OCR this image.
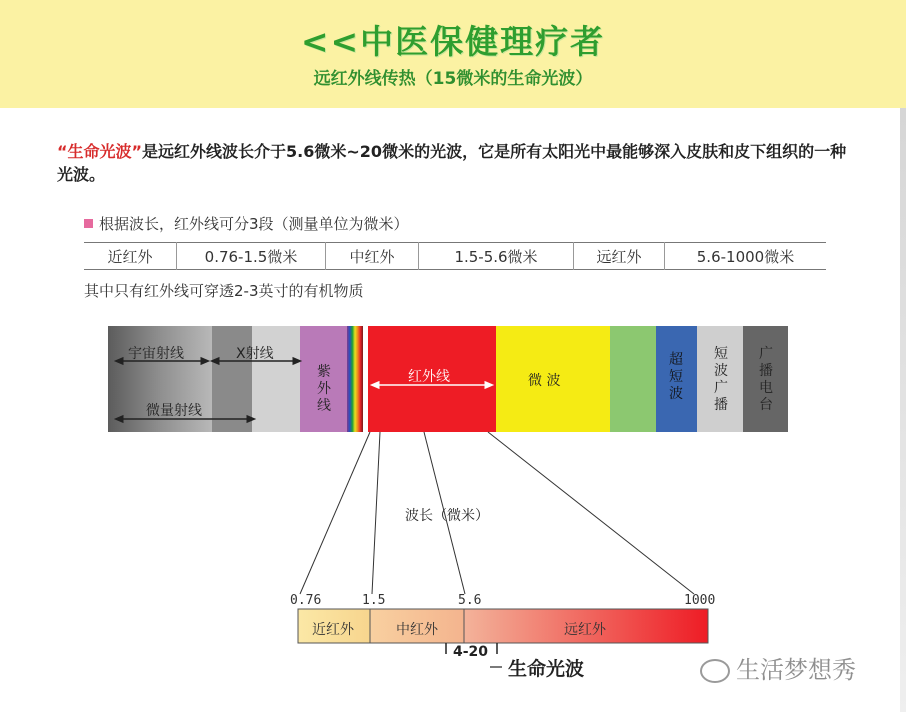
<<中医保健理疗者
远红外线传热（15微米的生命光波）
“生命光波”是远红外线波长介于5.6微米~20微米的光波，它是所有太阳光中最能够深入皮肤和皮下组织的一种光波。
根据波长，红外线可分3段（测量单位为微米）
近红外	0.76-1.5微米	中红外	1.5-5.6微米	远红外	5.6-1000微米
其中只有红外线可穿透2-3英寸的有机物质
宇宙射线	X射线
微量射线
紫外线
红外线	微 波
超短波
短波广播
广播电台
波长（微米）
0.76	1.5	5.6	1000
近红外	中红外	远红外
4-20
生命光波	生活梦想秀
